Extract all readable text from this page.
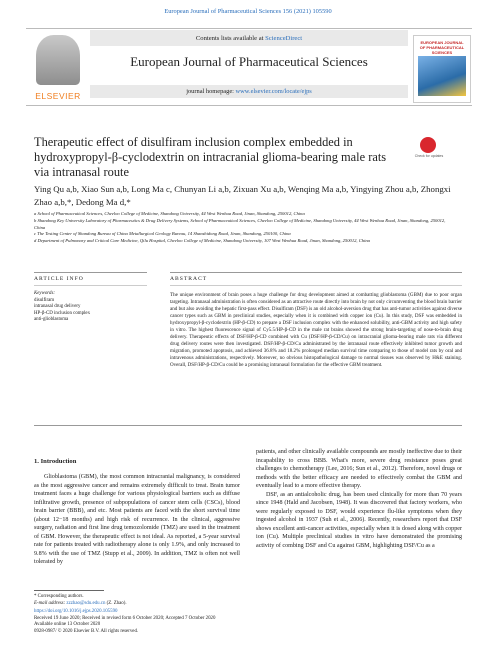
European Journal of Pharmaceutical Sciences 156 (2021) 105590
ELSEVIER
Contents lists available at ScienceDirect
European Journal of Pharmaceutical Sciences
journal homepage: www.elsevier.com/locate/ejps
EUROPEAN JOURNAL OF PHARMACEUTICAL SCIENCES
Therapeutic effect of disulfiram inclusion complex embedded in hydroxypropyl-β-cyclodextrin on intracranial glioma-bearing male rats via intranasal route
Check for updates
Ying Qu a,b, Xiao Sun a,b, Long Ma c, Chunyan Li a,b, Zixuan Xu a,b, Wenqing Ma a,b, Yingying Zhou a,b, Zhongxi Zhao a,b,*, Dedong Ma d,*
a School of Pharmaceutical Sciences, Cheeloo College of Medicine, Shandong University, 44 West Wenhua Road, Jinan, Shandong, 250012, China
b Shandong Key University Laboratory of Pharmaceutics & Drug Delivery Systems, School of Pharmaceutical Sciences, Cheeloo College of Medicine, Shandong University, 44 West Wenhua Road, Jinan, Shandong, 250012, China
c The Testing Center of Shandong Bureau of China Metallurgical Geology Bureau, 14 Shanshidong Road, Jinan, Shandong, 250100, China
d Department of Pulmonary and Critical Care Medicine, Qilu Hospital, Cheeloo College of Medicine, Shandong University, 107 West Wenhua Road, Jinan, Shandong, 250012, China
ARTICLE INFO	ABSTRACT
Keywords:
disulfiram
intranasal drug delivery
HP-β-CD inclusion complex
anti-glioblastoma
The unique environment of brain poses a huge challenge for drug development aimed at combatting glioblastoma (GBM) due to poor organ targeting. Intranasal administration is often considered as an attractive route directly into brain by not only circumventing the blood brain barrier and but also avoiding the hepatic first-pass effect. Disulfiram (DSF) is an old alcohol-aversion drug that has anti-tumor activities against diverse cancer types such as GBM in preclinical studies, especially when it is combined with copper ion (Cu). In this study, DSF was embedded in hydroxypropyl-β-cyclodextrin (HP-β-CD) to prepare a DSF inclusion complex with the enhanced solubility, anti-GBM activity and high safety in vitro. The highest fluorescence signal of Cy5.5/HP-β-CD in the male rat brains showed the strong brain-targeting of nose-to-brain drug delivery. Therapeutic effects of DSF/HP-β-CD combined with Cu (DSF/HP-β-CD/Cu) on intracranial glioma-bearing male rats via different drug delivery routes were then investigated. DSF/HP-β-CD/Cu administrated by the intranasal route effectively inhibited tumor growth and migration, promoted apoptosis, and achieved 36.8% and 18.2% prolonged median survival time comparing to those of model rats by oral and intravenous administrations, respectively. Moreover, no obvious histopathological damage to normal tissues was observed by H&E staining. Overall, DSF/HP-β-CD/Cu could be a promising intranasal formulation for the effective GBM treatment.
1. Introduction
Glioblastoma (GBM), the most common intracranial malignancy, is considered as the most aggressive cancer and remains extremely difficult to treat. Brain tumor treatment faces a huge challenge for various physiological barriers such as diffuse infiltrative growth, presence of subpopulations of cancer stem cells (CSCs), blood brain barrier (BBB), and etc. Most patients are faced with the short survival time (about 12−18 months) and high risk of recurrence. In the clinical, aggressive surgery, radiation and first line drug temozolomide (TMZ) are used in the treatment of GBM. However, the therapeutic effect is not ideal. As reported, a 5-year survival rate for patients treated with radiotherapy alone is only 1.9%, and only increased to 9.8% with the use of TMZ (Stupp et al., 2009). In addition, TMZ is often not well tolerated by

patients, and other clinically available compounds are mostly ineffective due to their incapability to cross BBB. What's more, severe drug resistance poses great challenges to chemotherapy (Lee, 2016; Sun et al., 2012). Therefore, novel drugs or methods with the better efficacy are needed to effectively combat the GBM and eventually lead to a more effective therapy.

DSF, as an antialcoholic drug, has been used clinically for more than 70 years since 1948 (Hald and Jacobsen, 1948). It was discovered that factory workers, who were regularly exposed to DSF, would experience flu-like symptoms when they ingested alcohol in 1937 (Suh et al., 2006). Recently, researchers report that DSF shows excellent anti-cancer activities, especially when it is dosed along with copper ion (Cu). Multiple preclinical studies in vitro have demonstrated the promising activity of combing DSF and Cu against GBM, highlighting DSF/Cu as a

* Corresponding authors.
E-mail address: zzzhao@sdu.edu.cn (Z. Zhao).
https://doi.org/10.1016/j.ejps.2020.105590
Received 19 June 2020; Received in revised form 6 October 2020; Accepted 7 October 2020
Available online 13 October 2020
0928-0987/ © 2020 Elsevier B.V. All rights reserved.
